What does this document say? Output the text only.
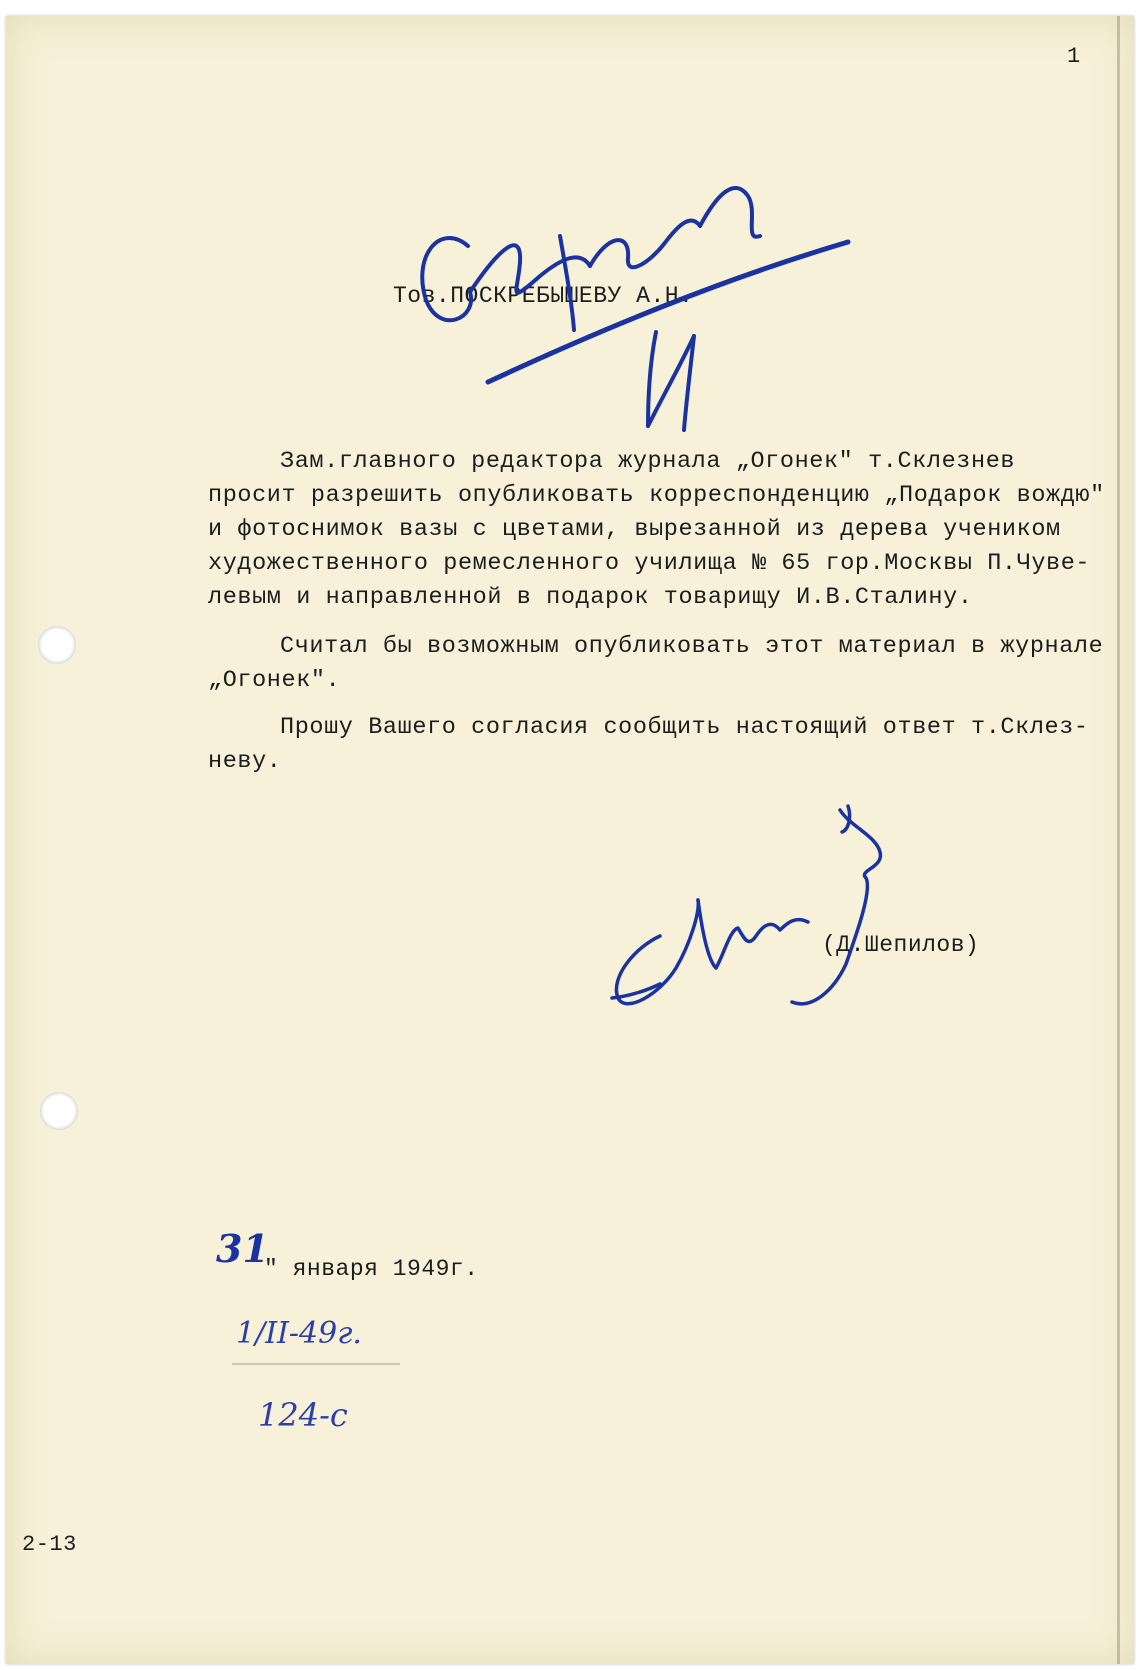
1
Тов.ПОСКРЕБЫШЕВУ А.Н.
Зам.главного редактора журнала „Огонек" т.Склезнев
просит разрешить опубликовать корреспонденцию „Подарок вождю"
и фотоснимок вазы с цветами, вырезанной из дерева учеником
художественного ремесленного училища № 65 гор.Москвы П.Чуве-
левым и направленной в подарок товарищу И.В.Сталину.
Считал бы возможным опубликовать этот материал в журнале
„Огонек".
Прошу Вашего согласия сообщить настоящий ответ т.Склез-
неву.
(Д.Шепилов)
31
" января 1949г.
1/II-49г.
124-с
2-13
